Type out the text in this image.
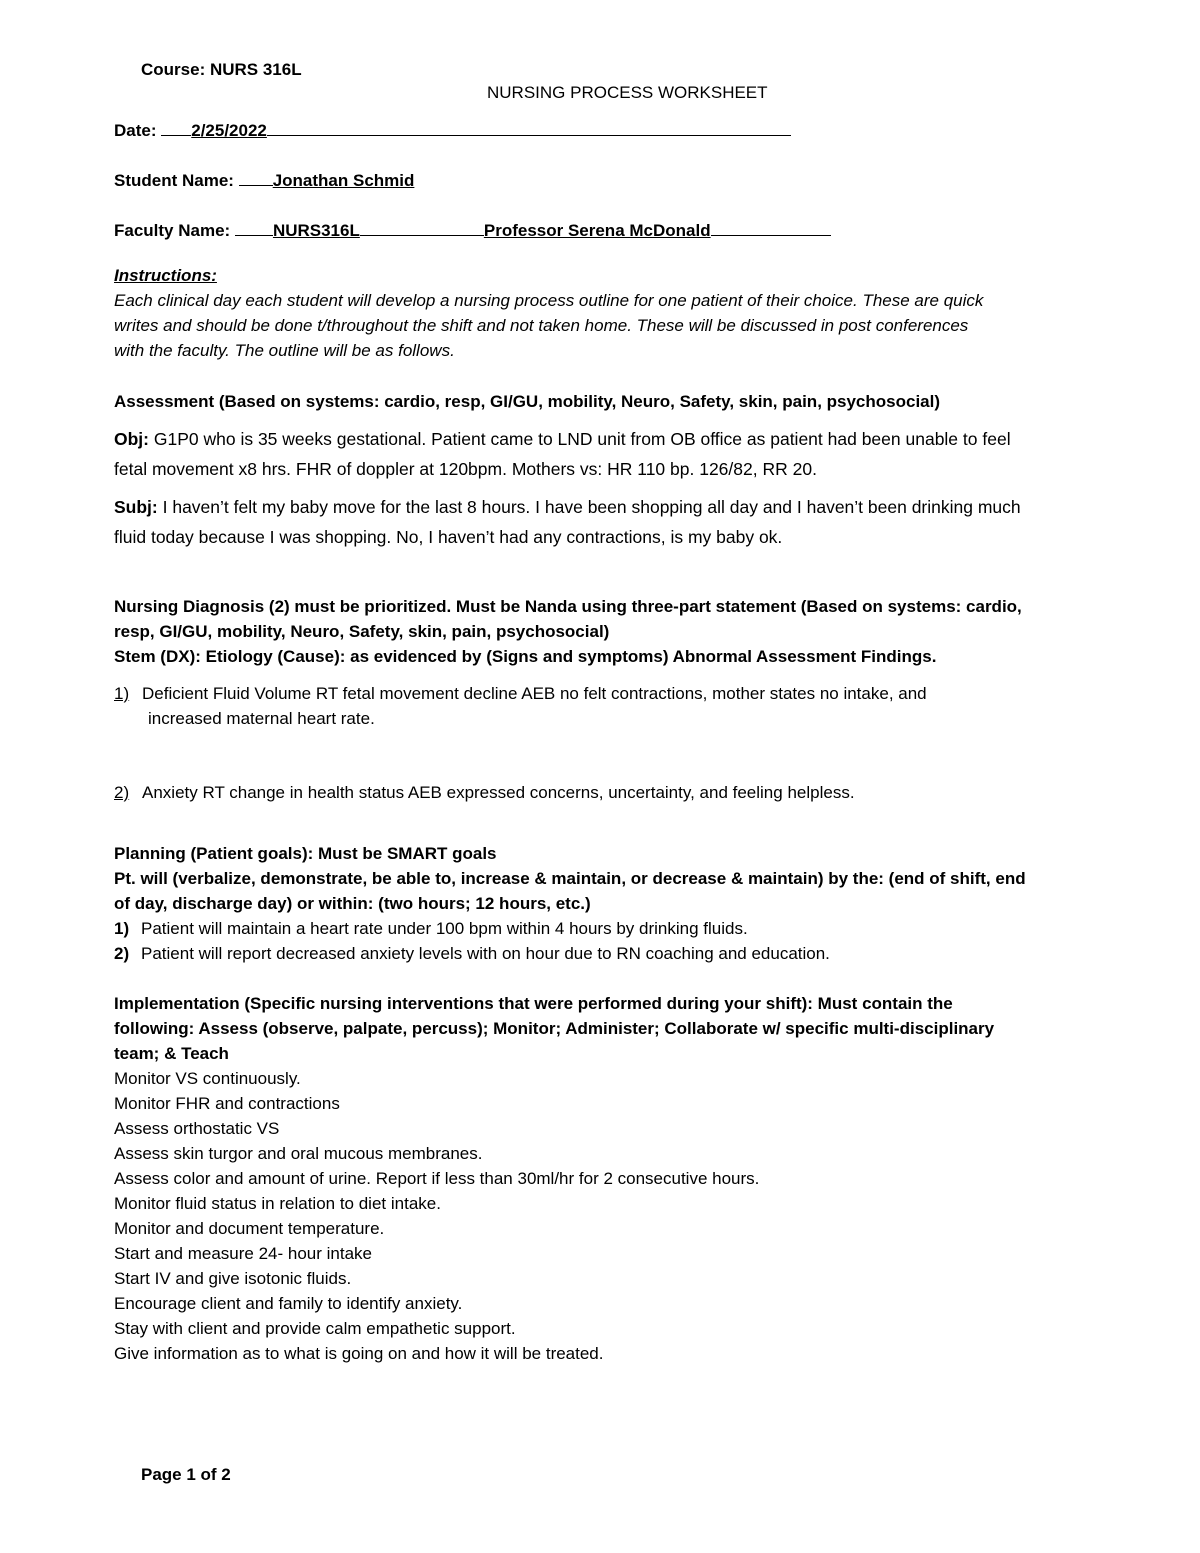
Course: NURS 316L
NURSING PROCESS WORKSHEET
Date: 2/25/2022
Student Name: Jonathan Schmid
Faculty Name:	NURS316L	Professor Serena McDonald
Instructions:
Each clinical day each student will develop a nursing process outline for one patient of their choice. These are quick
writes and should be done t/throughout the shift and not taken home. These will be discussed in post conferences
with the faculty. The outline will be as follows.
Assessment (Based on systems: cardio, resp, GI/GU, mobility, Neuro, Safety, skin, pain, psychosocial)
Obj: G1P0 who is 35 weeks gestational. Patient came to LND unit from OB office as patient had been unable to feel
fetal movement x8 hrs. FHR of doppler at 120bpm. Mothers vs: HR 110 bp. 126/82, RR 20.
Subj: I haven’t felt my baby move for the last 8 hours. I have been shopping all day and I haven’t been drinking much
fluid today because I was shopping. No, I haven’t had any contractions, is my baby ok.
Nursing Diagnosis (2) must be prioritized. Must be Nanda using three-part statement (Based on systems: cardio,
resp, GI/GU, mobility, Neuro, Safety, skin, pain, psychosocial)
Stem (DX): Etiology (Cause): as evidenced by (Signs and symptoms) Abnormal Assessment Findings.
1) Deficient Fluid Volume RT fetal movement decline AEB no felt contractions, mother states no intake, and
increased maternal heart rate.
2) Anxiety RT change in health status AEB expressed concerns, uncertainty, and feeling helpless.
Planning (Patient goals): Must be SMART goals
Pt. will (verbalize, demonstrate, be able to, increase & maintain, or decrease & maintain) by the: (end of shift, end
of day, discharge day) or within: (two hours; 12 hours, etc.)
1) Patient will maintain a heart rate under 100 bpm within 4 hours by drinking fluids.
2) Patient will report decreased anxiety levels with on hour due to RN coaching and education.
Implementation (Specific nursing interventions that were performed during your shift): Must contain the
following: Assess (observe, palpate, percuss); Monitor; Administer; Collaborate w/ specific multi-disciplinary
team; & Teach
Monitor VS continuously.
Monitor FHR and contractions
Assess orthostatic VS
Assess skin turgor and oral mucous membranes.
Assess color and amount of urine. Report if less than 30ml/hr for 2 consecutive hours.
Monitor fluid status in relation to diet intake.
Monitor and document temperature.
Start and measure 24- hour intake
Start IV and give isotonic fluids.
Encourage client and family to identify anxiety.
Stay with client and provide calm empathetic support.
Give information as to what is going on and how it will be treated.
Page 1 of 2
